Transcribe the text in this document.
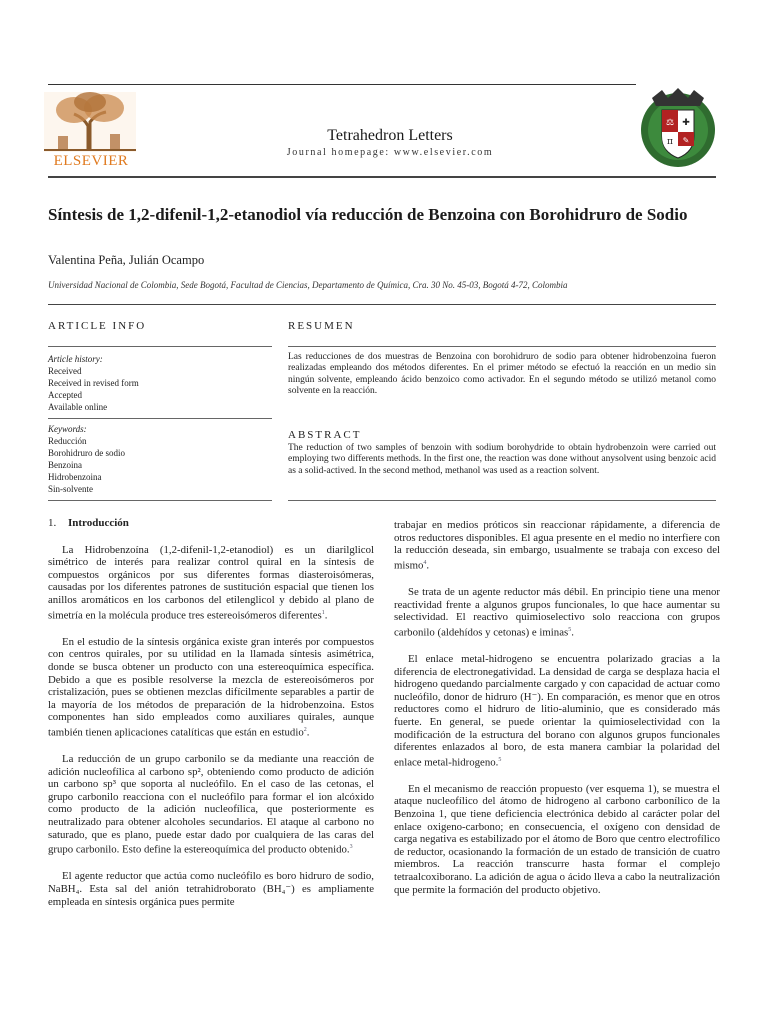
ELSEVIER
Tetrahedron Letters
Journal homepage: www.elsevier.com
⚖ ✚
π ✎
Síntesis de 1,2-difenil-1,2-etanodiol vía reducción de Benzoina con Borohidruro de Sodio
Valentina Peña, Julián Ocampo
Universidad Nacional de Colombia, Sede Bogotá, Facultad de Ciencias, Departamento de Química, Cra. 30 No. 45-03, Bogotá 4-72, Colombia
ARTICLE INFO
Article history:
Received
Received in revised form
Accepted
Available online
Keywords:
Reducción
Borohidruro de sodio
Benzoina
Hidrobenzoina
Sin-solvente
RESUMEN
Las reducciones de dos muestras de Benzoina con borohidruro de sodio para obtener hidrobenzoina fueron realizadas empleando dos métodos diferentes. En el primer método se efectuó la reacción en un medio sin ningún solvente, empleando ácido benzoico como activador. En el segundo método se utilizó metanol como solvente en la reacción.
ABSTRACT
The reduction of two samples of benzoin with sodium borohydride to obtain hydrobenzoin were carried out employing two differents methods. In the first one, the reaction was done without anysolvent using benzoic acid as a solid-actived. In the second method, methanol was used as a reaction solvent.

1. Introducción

La Hidrobenzoína (1,2-difenil-1,2-etanodiol) es un diarilglicol simétrico de interés para realizar control quiral en la síntesis de compuestos orgánicos por sus diferentes formas diasteroisómeras, causadas por los diferentes patrones de sustitución espacial que tienen los anillos aromáticos en los carbonos del etilenglicol y debido al plano de simetría en la molécula produce tres estereoisómeros diferentes$^1$.

En el estudio de la síntesis orgánica existe gran interés por compuestos con centros quirales, por su utilidad en la llamada síntesis asimétrica, donde se busca obtener un producto con una estereoquímica específica. Debido a que es posible resolverse la mezcla de estereoisómeros por cristalización, pues se obtienen mezclas difícilmente separables a partir de la mayoría de los métodos de preparación de la hidrobenzoina. Estos componentes han sido empleados como auxiliares quirales, aunque también tienen aplicaciones catalíticas que están en estudio$^2$.

La reducción de un grupo carbonilo se da mediante una reacción de adición nucleofílica al carbono sp², obteniendo como producto de adición un carbono sp³ que soporta al nucleófilo. En el caso de las cetonas, el grupo carbonilo reacciona con el nucleófilo para formar el ion alcóxido como producto de la adición nucleofílica, que posteriormente es neutralizado para obtener alcoholes secundarios. El ataque al carbono no saturado, que es plano, puede estar dado por cualquiera de las caras del grupo carbonilo. Esto define la estereoquímica del producto obtenido.$^3$

El agente reductor que actúa como nucleófilo es boro hidruro de sodio, NaBH₄. Esta sal del anión tetrahidroborato (BH₄⁻) es ampliamente empleada en síntesis orgánica pues permite

trabajar en medios próticos sin reaccionar rápidamente, a diferencia de otros reductores disponibles. El agua presente en el medio no interfiere con la reducción deseada, sin embargo, usualmente se trabaja con exceso del mismo$^4$.

Se trata de un agente reductor más débil. En principio tiene una menor reactividad frente a algunos grupos funcionales, lo que hace aumentar su selectividad. El reactivo quimioselectivo solo reacciona con grupos carbonilo (aldehídos y cetonas) e iminas$^5$.

El enlace metal-hidrogeno se encuentra polarizado gracias a la diferencia de electronegatividad. La densidad de carga se desplaza hacia el hidrogeno quedando parcialmente cargado y con capacidad de actuar como nucleófilo, donor de hidruro (H⁻). En comparación, es menor que en otros reductores como el hidruro de litio-aluminio, que es considerado más fuerte. En general, se puede orientar la quimioselectividad con la modificación de la estructura del borano con algunos grupos funcionales diferentes enlazados al boro, de esta manera cambiar la polaridad del enlace metal-hidrogeno.$^5$

En el mecanismo de reacción propuesto (ver esquema 1), se muestra el ataque nucleofílico del átomo de hidrogeno al carbono carbonílico de la Benzoina 1, que tiene deficiencia electrónica debido al carácter polar del enlace oxigeno-carbono; en consecuencia, el oxígeno con densidad de carga negativa es estabilizado por el átomo de Boro que centro electrofílico de reductor, ocasionando la formación de un estado de transición de cuatro miembros. La reacción transcurre hasta formar el complejo tetraalcoxiborano. La adición de agua o ácido lleva a cabo la neutralización que permite la formación del producto objetivo.
